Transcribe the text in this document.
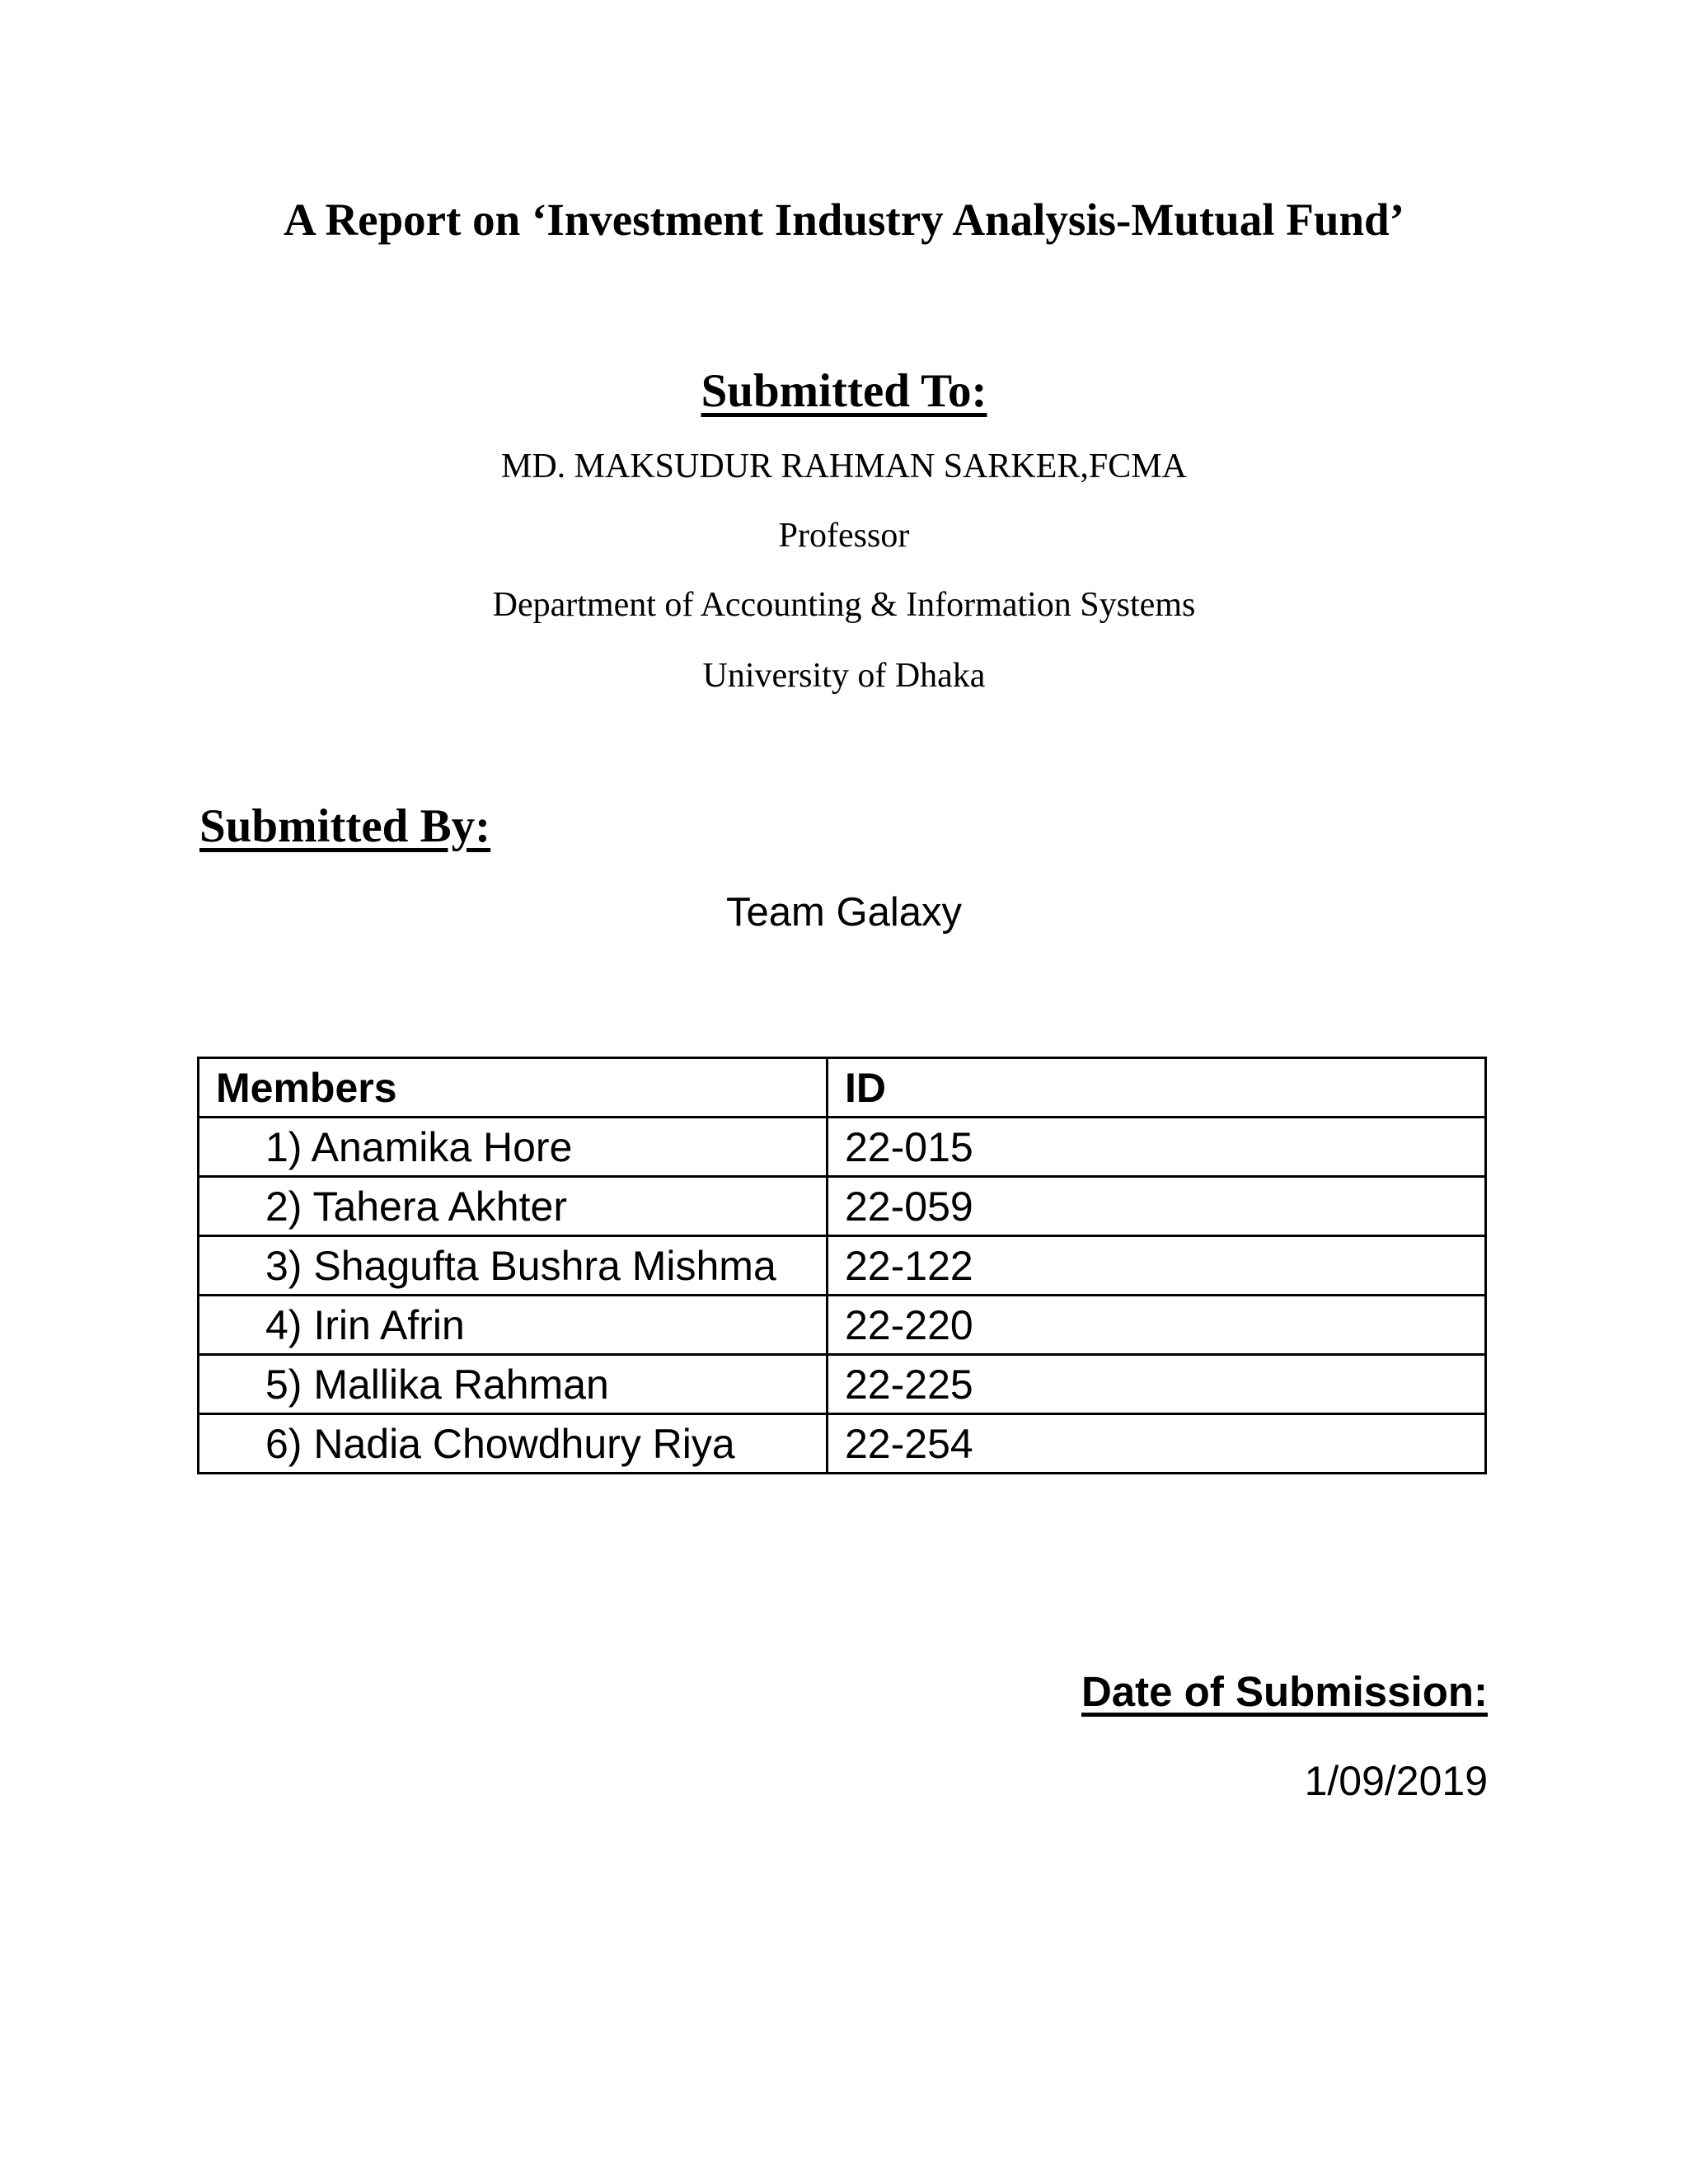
A Report on ‘Investment Industry Analysis-Mutual Fund’
Submitted To:
MD. MAKSUDUR RAHMAN SARKER,FCMA
Professor
Department of Accounting & Information Systems
University of Dhaka
Submitted By:
Team Galaxy
Members	ID
1) Anamika Hore	22-015
2) Tahera Akhter	22-059
3) Shagufta Bushra Mishma	22-122
4) Irin Afrin	22-220
5) Mallika Rahman	22-225
6) Nadia Chowdhury Riya	22-254
Date of Submission:
1/09/2019
